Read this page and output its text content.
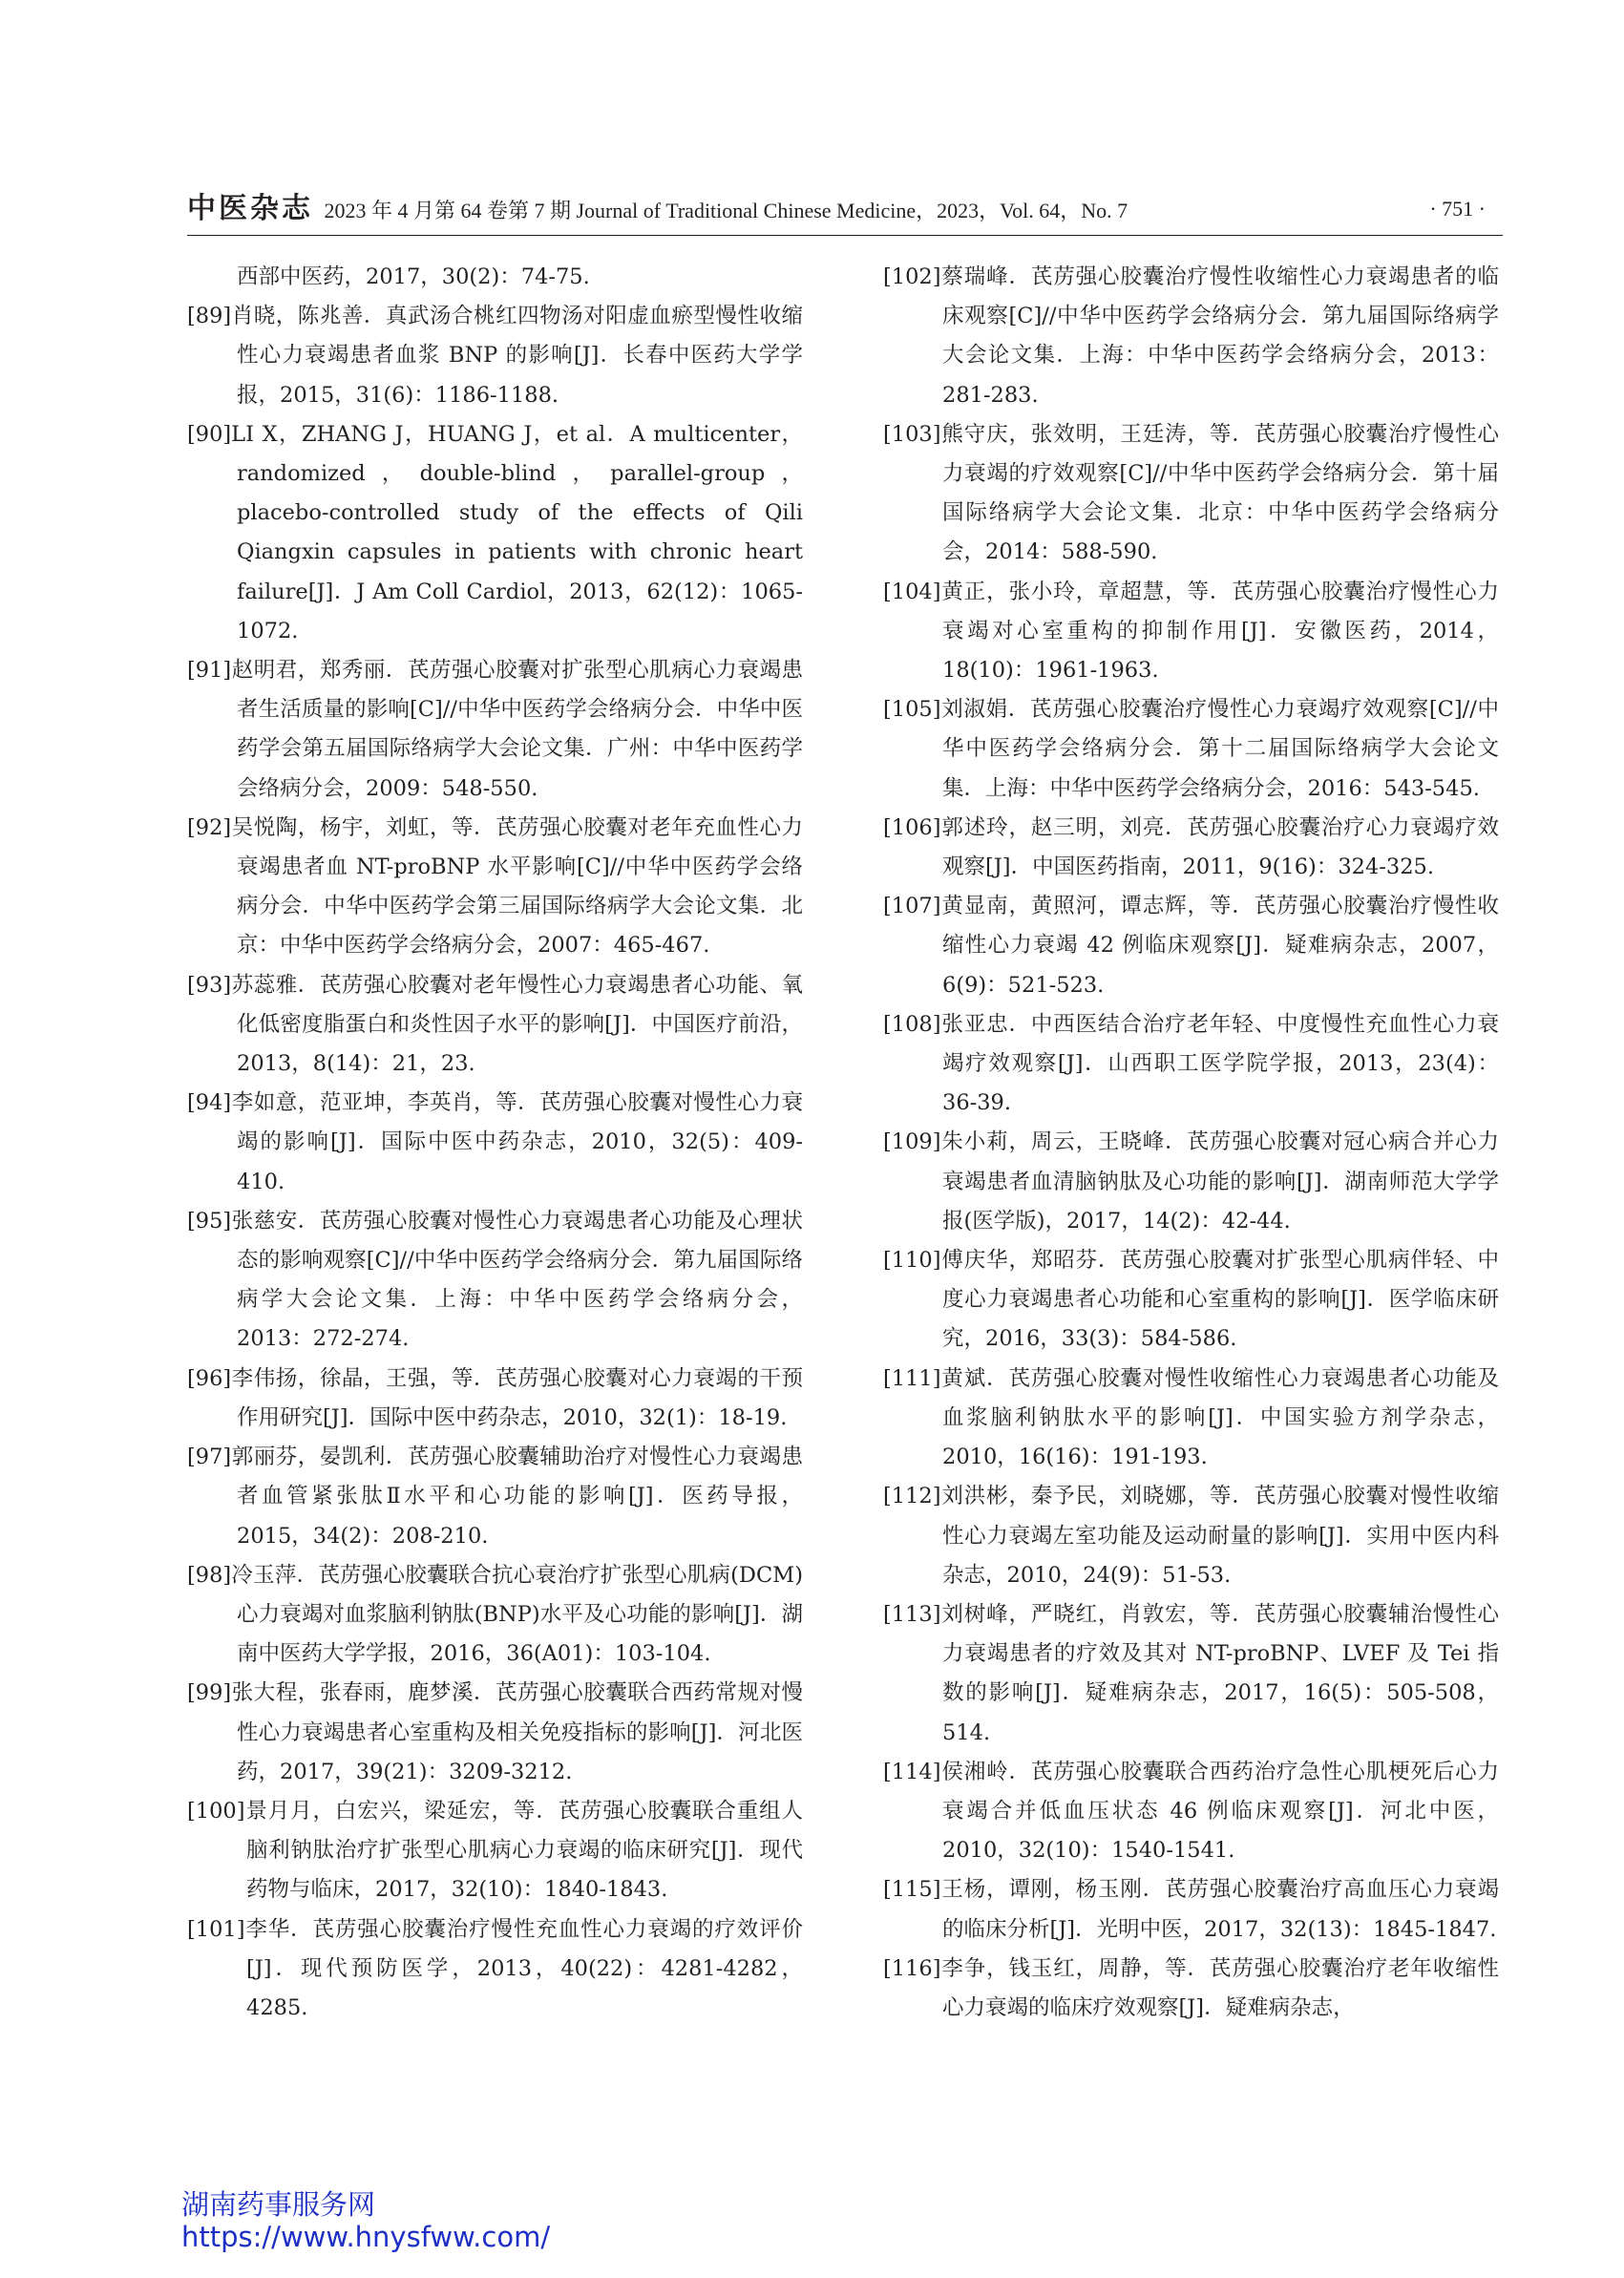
中医杂志 2023 年 4 月第 64 卷第 7 期 Journal of Traditional Chinese Medicine，2023，Vol. 64，No. 7	· 751 ·
西部中医药，2017，30(2)：74-75.
[89]肖晓，陈兆善．真武汤合桃红四物汤对阳虚血瘀型慢性收缩性心力衰竭患者血浆 BNP 的影响[J]．长春中医药大学学报，2015，31(6)：1186-1188.
[90]LI X，ZHANG J，HUANG J，et al．A multicenter，randomized，double-blind，parallel-group，placebo-controlled study of the effects of Qili Qiangxin capsules in patients with chronic heart failure[J]．J Am Coll Cardiol，2013，62(12)：1065-1072.
[91]赵明君，郑秀丽．芪苈强心胶囊对扩张型心肌病心力衰竭患者生活质量的影响[C]//中华中医药学会络病分会．中华中医药学会第五届国际络病学大会论文集．广州：中华中医药学会络病分会，2009：548-550.
[92]吴悦陶，杨宇，刘虹，等．芪苈强心胶囊对老年充血性心力衰竭患者血 NT-proBNP 水平影响[C]//中华中医药学会络病分会．中华中医药学会第三届国际络病学大会论文集．北京：中华中医药学会络病分会，2007：465-467.
[93]苏蕊雅．芪苈强心胶囊对老年慢性心力衰竭患者心功能、氧化低密度脂蛋白和炎性因子水平的影响[J]．中国医疗前沿，2013，8(14)：21，23.
[94]李如意，范亚坤，李英肖，等．芪苈强心胶囊对慢性心力衰竭的影响[J]．国际中医中药杂志，2010，32(5)：409-410.
[95]张慈安．芪苈强心胶囊对慢性心力衰竭患者心功能及心理状态的影响观察[C]//中华中医药学会络病分会．第九届国际络病学大会论文集．上海：中华中医药学会络病分会，2013：272-274.
[96]李伟扬，徐晶，王强，等．芪苈强心胶囊对心力衰竭的干预作用研究[J]．国际中医中药杂志，2010，32(1)：18-19.
[97]郭丽芬，晏凯利．芪苈强心胶囊辅助治疗对慢性心力衰竭患者血管紧张肽Ⅱ水平和心功能的影响[J]．医药导报，2015，34(2)：208-210.
[98]冷玉萍．芪苈强心胶囊联合抗心衰治疗扩张型心肌病(DCM)心力衰竭对血浆脑利钠肽(BNP)水平及心功能的影响[J]．湖南中医药大学学报，2016，36(A01)：103-104.
[99]张大程，张春雨，鹿梦溪．芪苈强心胶囊联合西药常规对慢性心力衰竭患者心室重构及相关免疫指标的影响[J]．河北医药，2017，39(21)：3209-3212.
[100]景月月，白宏兴，梁延宏，等．芪苈强心胶囊联合重组人脑利钠肽治疗扩张型心肌病心力衰竭的临床研究[J]．现代药物与临床，2017，32(10)：1840-1843.
[101]李华．芪苈强心胶囊治疗慢性充血性心力衰竭的疗效评价[J]．现代预防医学，2013，40(22)：4281-4282，4285.
[102]蔡瑞峰．芪苈强心胶囊治疗慢性收缩性心力衰竭患者的临床观察[C]//中华中医药学会络病分会．第九届国际络病学大会论文集．上海：中华中医药学会络病分会，2013：281-283.
[103]熊守庆，张效明，王廷涛，等．芪苈强心胶囊治疗慢性心力衰竭的疗效观察[C]//中华中医药学会络病分会．第十届国际络病学大会论文集．北京：中华中医药学会络病分会，2014：588-590.
[104]黄正，张小玲，章超慧，等．芪苈强心胶囊治疗慢性心力衰竭对心室重构的抑制作用[J]．安徽医药，2014，18(10)：1961-1963.
[105]刘淑娟．芪苈强心胶囊治疗慢性心力衰竭疗效观察[C]//中华中医药学会络病分会．第十二届国际络病学大会论文集．上海：中华中医药学会络病分会，2016：543-545.
[106]郭述玲，赵三明，刘亮．芪苈强心胶囊治疗心力衰竭疗效观察[J]．中国医药指南，2011，9(16)：324-325.
[107]黄显南，黄照河，谭志辉，等．芪苈强心胶囊治疗慢性收缩性心力衰竭 42 例临床观察[J]．疑难病杂志，2007，6(9)：521-523.
[108]张亚忠．中西医结合治疗老年轻、中度慢性充血性心力衰竭疗效观察[J]．山西职工医学院学报，2013，23(4)：36-39.
[109]朱小莉，周云，王晓峰．芪苈强心胶囊对冠心病合并心力衰竭患者血清脑钠肽及心功能的影响[J]．湖南师范大学学报(医学版)，2017，14(2)：42-44.
[110]傅庆华，郑昭芬．芪苈强心胶囊对扩张型心肌病伴轻、中度心力衰竭患者心功能和心室重构的影响[J]．医学临床研究，2016，33(3)：584-586.
[111]黄斌．芪苈强心胶囊对慢性收缩性心力衰竭患者心功能及血浆脑利钠肽水平的影响[J]．中国实验方剂学杂志，2010，16(16)：191-193.
[112]刘洪彬，秦予民，刘晓娜，等．芪苈强心胶囊对慢性收缩性心力衰竭左室功能及运动耐量的影响[J]．实用中医内科杂志，2010，24(9)：51-53.
[113]刘树峰，严晓红，肖敦宏，等．芪苈强心胶囊辅治慢性心力衰竭患者的疗效及其对 NT-proBNP、LVEF 及 Tei 指数的影响[J]．疑难病杂志，2017，16(5)：505-508，514.
[114]侯湘岭．芪苈强心胶囊联合西药治疗急性心肌梗死后心力衰竭合并低血压状态 46 例临床观察[J]．河北中医，2010，32(10)：1540-1541.
[115]王杨，谭刚，杨玉刚．芪苈强心胶囊治疗高血压心力衰竭的临床分析[J]．光明中医，2017，32(13)：1845-1847.
[116]李争，钱玉红，周静，等．芪苈强心胶囊治疗老年收缩性心力衰竭的临床疗效观察[J]．疑难病杂志，
湖南药事服务网
https://www.hnysfww.com/
